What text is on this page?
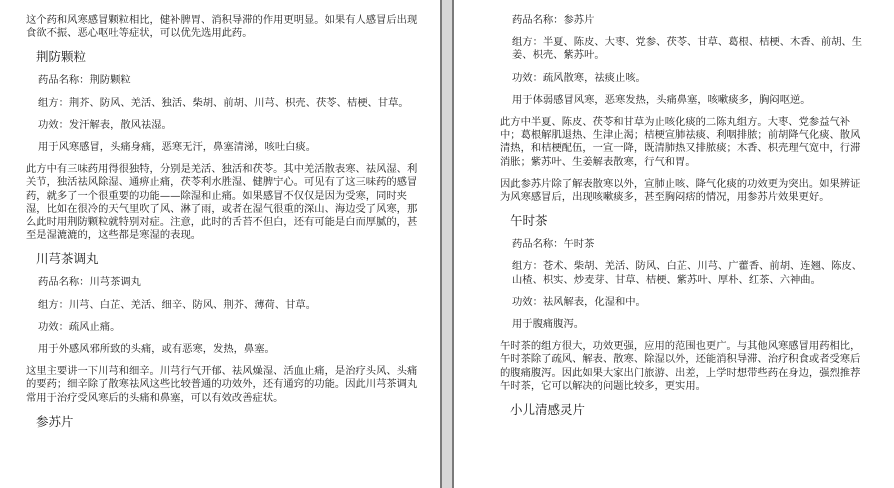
这个药和风寒感冒颗粒相比，健补脾胃、消积导滞的作用更明显。如果有人感冒后出现食欲不振、恶心呕吐等症状，可以优先选用此药。

荆防颗粒

药品名称：荆防颗粒

组方：荆芥、防风、羌活、独活、柴胡、前胡、川芎、枳壳、茯苓、桔梗、甘草。

功效：发汗解表，散风祛湿。

用于风寒感冒，头痛身痛，恶寒无汗，鼻塞清涕，咳吐白痰。

此方中有三味药用得很独特，分别是羌活、独活和茯苓。其中羌活散表寒、祛风湿、利关节，独活祛风除湿、通痹止痛，茯苓利水胜湿、健脾宁心。可见有了这三味药的感冒药，就多了一个很重要的功能——除湿和止痛。如果感冒不仅仅是因为受寒，同时夹湿，比如在很冷的天气里吹了风、淋了雨，或者在湿气很重的深山、海边受了风寒，那么此时用荆防颗粒就特别对症。注意，此时的舌苔不但白，还有可能是白而厚腻的，甚至是湿漉漉的，这些都是寒湿的表现。

川芎茶调丸

药品名称：川芎茶调丸

组方：川芎、白芷、羌活、细辛、防风、荆芥、薄荷、甘草。

功效：疏风止痛。

用于外感风邪所致的头痛，或有恶寒，发热，鼻塞。

这里主要讲一下川芎和细辛。川芎行气开郁、祛风燥湿、活血止痛，是治疗头风、头痛的要药；细辛除了散寒祛风这些比较普通的功效外，还有通窍的功能。因此川芎茶调丸常用于治疗受风寒后的头痛和鼻塞，可以有效改善症状。

参苏片

药品名称：参苏片

组方：半夏、陈皮、大枣、党参、茯苓、甘草、葛根、桔梗、木香、前胡、生姜、枳壳、紫苏叶。

功效：疏风散寒，祛痰止咳。

用于体弱感冒风寒，恶寒发热，头痛鼻塞，咳嗽痰多，胸闷呕逆。

此方中半夏、陈皮、茯苓和甘草为止咳化痰的二陈丸组方。大枣、党参益气补中；葛根解肌退热、生津止渴；桔梗宣肺祛痰、利咽排脓；前胡降气化痰、散风清热，和桔梗配伍，一宣一降，既清肺热又排脓痰；木香、枳壳理气宽中，行滞消胀；紫苏叶、生姜解表散寒，行气和胃。

因此参苏片除了解表散寒以外，宣肺止咳、降气化痰的功效更为突出。如果辨证为风寒感冒后，出现咳嗽痰多，甚至胸闷痞的情况，用参苏片效果更好。

午时茶

药品名称：午时茶

组方：苍术、柴胡、羌活、防风、白芷、川芎、广藿香、前胡、连翘、陈皮、山楂、枳实、炒麦芽、甘草、桔梗、紫苏叶、厚朴、红茶、六神曲。

功效：祛风解表，化湿和中。

用于腹痛腹泻。

午时茶的组方很大，功效更强，应用的范围也更广。与其他风寒感冒用药相比，午时茶除了疏风、解表、散寒、除湿以外，还能消积导滞、治疗积食或者受寒后的腹痛腹泻。因此如果大家出门旅游、出差，上学时想带些药在身边，强烈推荐午时茶，它可以解决的问题比较多，更实用。

小儿清感灵片
